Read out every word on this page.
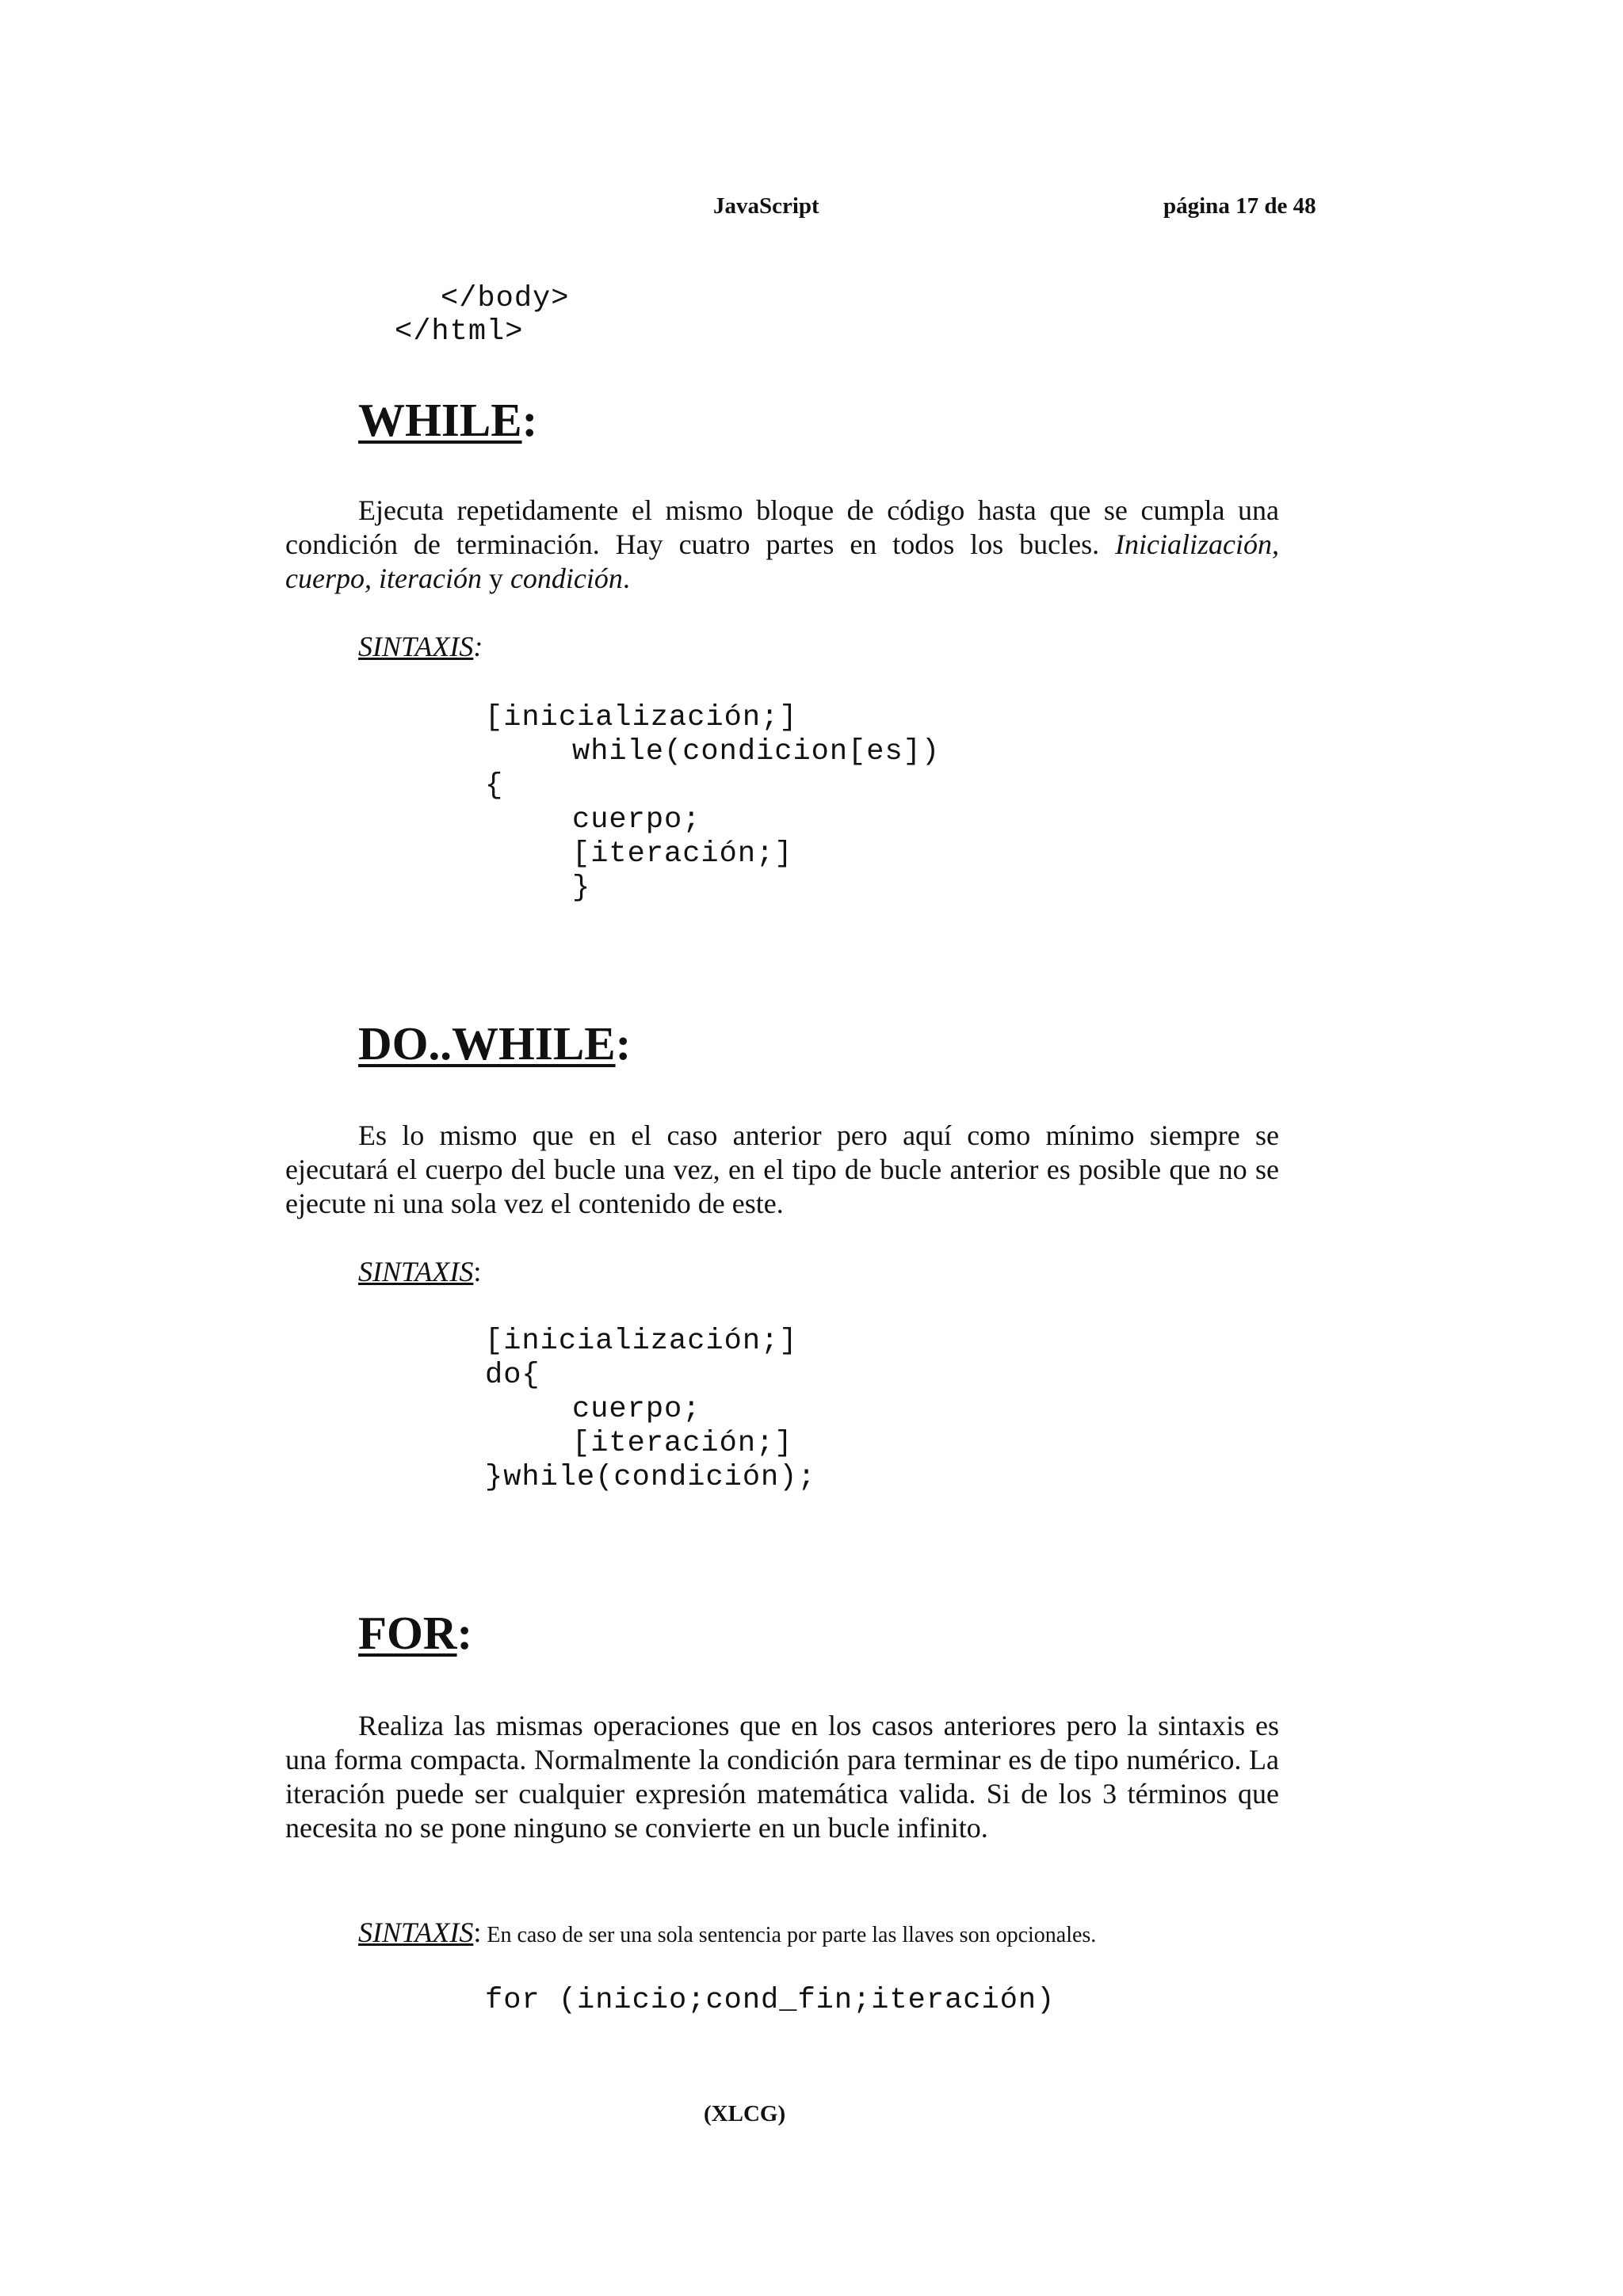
JavaScript	página 17 de 48
</body>
</html>
WHILE:
Ejecuta repetidamente el mismo bloque de código hasta que se cumpla una condición de terminación. Hay cuatro partes en todos los bucles. Inicialización, cuerpo, iteración y condición.
SINTAXIS:
[inicialización;]
while(condicion[es])
{
cuerpo;
[iteración;]
}
DO..WHILE:
Es lo mismo que en el caso anterior pero aquí como mínimo siempre se ejecutará el cuerpo del bucle una vez, en el tipo de bucle anterior es posible que no se ejecute ni una sola vez el contenido de este.
SINTAXIS:
[inicialización;]
do{
cuerpo;
[iteración;]
}while(condición);
FOR:
Realiza las mismas operaciones que en los casos anteriores pero la sintaxis es una forma compacta. Normalmente la condición para terminar es de tipo numérico. La iteración puede ser cualquier expresión matemática valida. Si de los 3 términos que necesita no se pone ninguno se convierte en un bucle infinito.
SINTAXIS: En caso de ser una sola sentencia por parte las llaves son opcionales.
for (inicio;cond_fin;iteración)
(XLCG)
